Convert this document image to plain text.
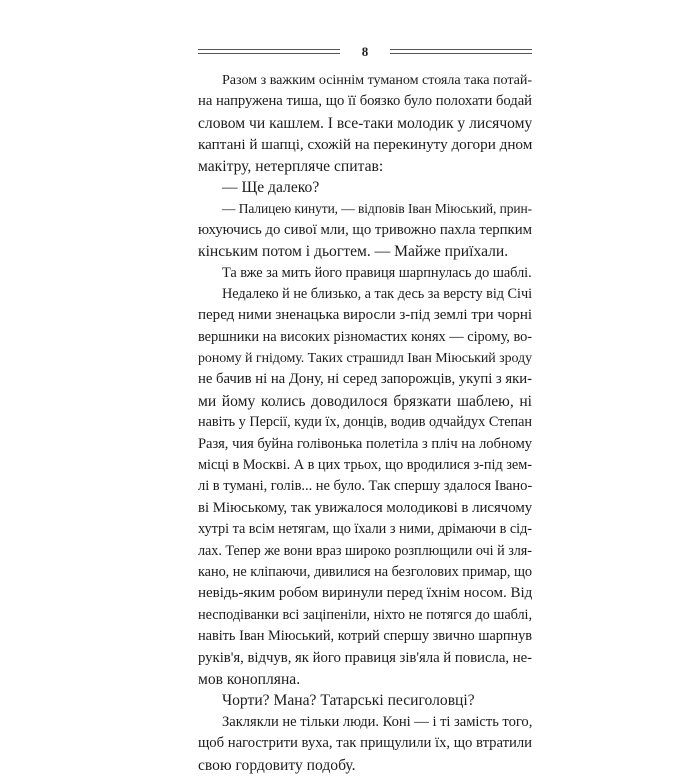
8
Разом з важким осіннім туманом стояла така потай-
на напружена тиша, що її боязко було полохати бодай
словом чи кашлем. І все-таки молодик у лисячому
каптані й шапці, схожій на перекинуту догори дном
макітру, нетерпляче спитав:
— Ще далеко?
— Палицею кинути, — відповів Іван Міюський, прин-
юхуючись до сивої мли, що тривожно пахла терпким
кінським потом і дьогтем. — Майже приїхали.
Та вже за мить його правиця шарпнулась до шаблі.
Недалеко й не близько, а так десь за версту від Січі
перед ними зненацька виросли з-під землі три чорні
вершники на високих різномастих конях — сірому, во-
роному й гнідому. Таких страшидл Іван Міюський зроду
не бачив ні на Дону, ні серед запорожців, укупі з яки-
ми йому колись доводилося брязкати шаблею, ні
навіть у Персії, куди їх, донців, водив одчайдух Степан
Разя, чия буйна голівонька полетіла з пліч на лобному
місці в Москві. А в цих трьох, що вродилися з-під зем-
лі в тумані, голів... не було. Так спершу здалося Івано-
ві Міюському, так увижалося молодикові в лисячому
хутрі та всім нетягам, що їхали з ними, дрімаючи в сід-
лах. Тепер же вони враз широко розплющили очі й зля-
кано, не кліпаючи, дивилися на безголових примар, що
невідь-яким робом виринули перед їхнім носом. Від
несподіванки всі заціпеніли, ніхто не потягся до шаблі,
навіть Іван Міюський, котрий спершу звично шарпнув
руків'я, відчув, як його правиця зів'яла й повисла, не-
мов конопляна.
Чорти? Мана? Татарські песиголовці?
Заклякли не тільки люди. Коні — і ті замість того,
щоб нагострити вуха, так прищулили їх, що втратили
свою гордовиту подобу.
